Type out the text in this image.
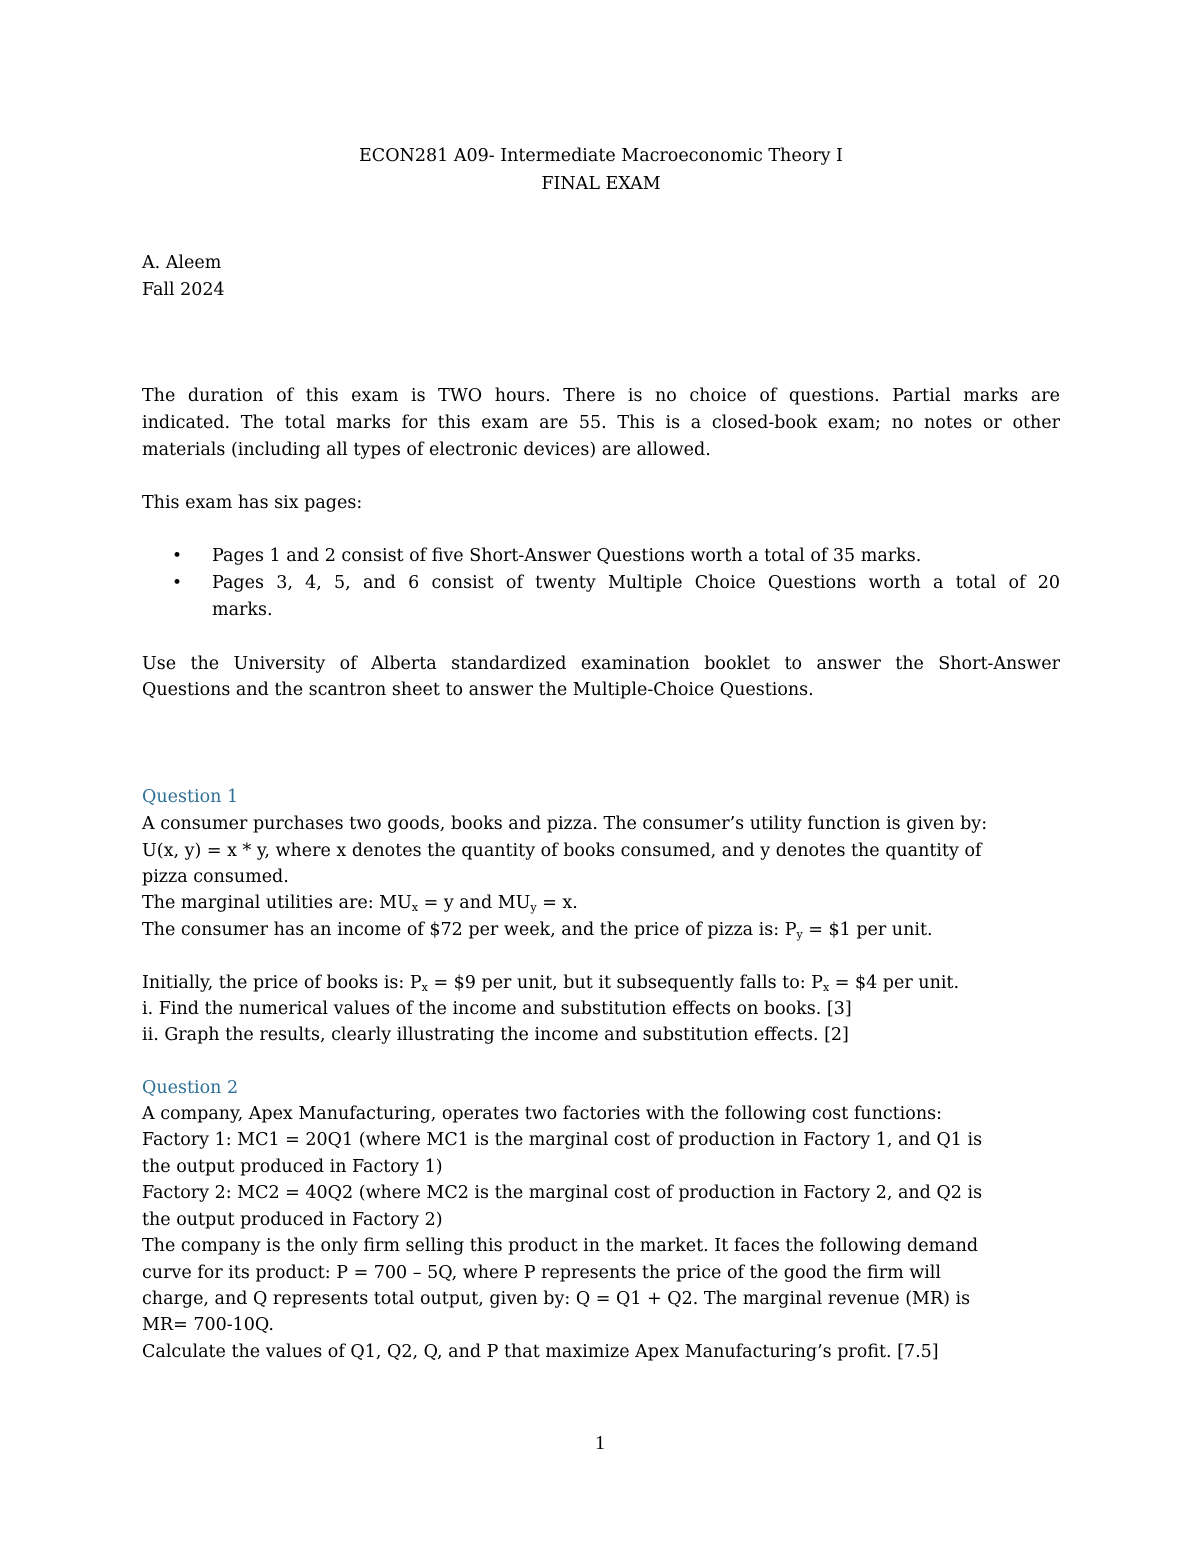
ECON281 A09- Intermediate Macroeconomic Theory I
FINAL EXAM
A. Aleem
Fall 2024
The duration of this exam is TWO hours. There is no choice of questions. Partial marks are
indicated. The total marks for this exam are 55. This is a closed-book exam; no notes or other
materials (including all types of electronic devices) are allowed.
This exam has six pages:
• Pages 1 and 2 consist of five Short-Answer Questions worth a total of 35 marks.
• Pages 3, 4, 5, and 6 consist of twenty Multiple Choice Questions worth a total of 20
marks.
Use the University of Alberta standardized examination booklet to answer the Short-Answer
Questions and the scantron sheet to answer the Multiple-Choice Questions.
Question 1
A consumer purchases two goods, books and pizza. The consumer’s utility function is given by:
U(x, y) = x * y, where x denotes the quantity of books consumed, and y denotes the quantity of
pizza consumed.
The marginal utilities are: $MU_x = y$ and $MU_y = x$.
The consumer has an income of $72 per week, and the price of pizza is: $P_y$ = $1 per unit.
Initially, the price of books is: $P_x$ = $9 per unit, but it subsequently falls to: $P_x$ = $4 per unit.
i. Find the numerical values of the income and substitution effects on books. [3]
ii. Graph the results, clearly illustrating the income and substitution effects. [2]
Question 2
A company, Apex Manufacturing, operates two factories with the following cost functions:
Factory 1: MC1 = 20Q1 (where MC1 is the marginal cost of production in Factory 1, and Q1 is
the output produced in Factory 1)
Factory 2: MC2 = 40Q2 (where MC2 is the marginal cost of production in Factory 2, and Q2 is
the output produced in Factory 2)
The company is the only firm selling this product in the market. It faces the following demand
curve for its product: P = 700 – 5Q, where P represents the price of the good the firm will
charge, and Q represents total output, given by: Q = Q1 + Q2. The marginal revenue (MR) is
MR= 700-10Q.
Calculate the values of Q1, Q2, Q, and P that maximize Apex Manufacturing’s profit. [7.5]
1
